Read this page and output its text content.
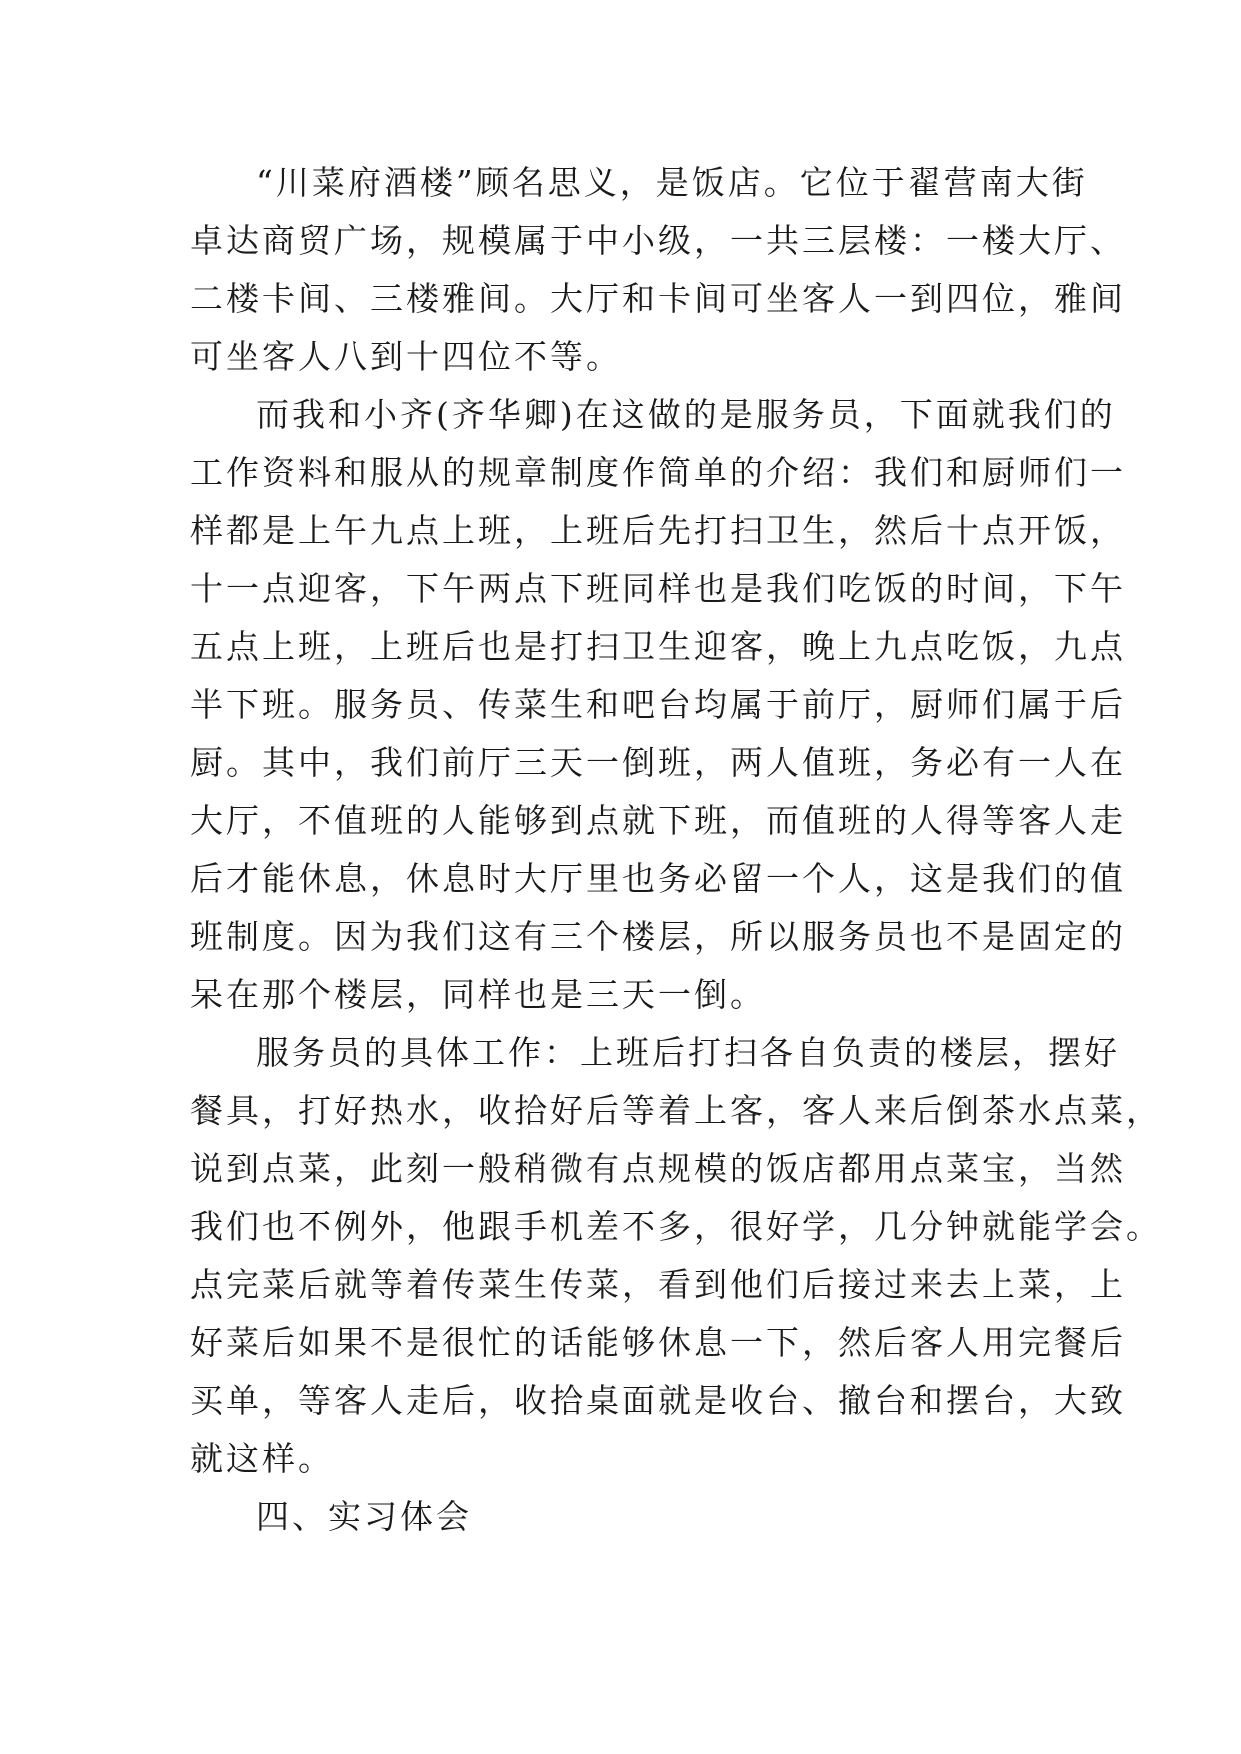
“川菜府酒楼”顾名思义，是饭店。它位于翟营南大街
卓达商贸广场，规模属于中小级，一共三层楼：一楼大厅、
二楼卡间、三楼雅间。大厅和卡间可坐客人一到四位，雅间
可坐客人八到十四位不等。
而我和小齐(齐华卿)在这做的是服务员，下面就我们的
工作资料和服从的规章制度作简单的介绍：我们和厨师们一
样都是上午九点上班，上班后先打扫卫生，然后十点开饭，
十一点迎客，下午两点下班同样也是我们吃饭的时间，下午
五点上班，上班后也是打扫卫生迎客，晚上九点吃饭，九点
半下班。服务员、传菜生和吧台均属于前厅，厨师们属于后
厨。其中，我们前厅三天一倒班，两人值班，务必有一人在
大厅，不值班的人能够到点就下班，而值班的人得等客人走
后才能休息，休息时大厅里也务必留一个人，这是我们的值
班制度。因为我们这有三个楼层，所以服务员也不是固定的
呆在那个楼层，同样也是三天一倒。
服务员的具体工作：上班后打扫各自负责的楼层，摆好
餐具，打好热水，收拾好后等着上客，客人来后倒茶水点菜，
说到点菜，此刻一般稍微有点规模的饭店都用点菜宝，当然
我们也不例外，他跟手机差不多，很好学，几分钟就能学会。
点完菜后就等着传菜生传菜，看到他们后接过来去上菜，上
好菜后如果不是很忙的话能够休息一下，然后客人用完餐后
买单，等客人走后，收拾桌面就是收台、撤台和摆台，大致
就这样。
四、实习体会
